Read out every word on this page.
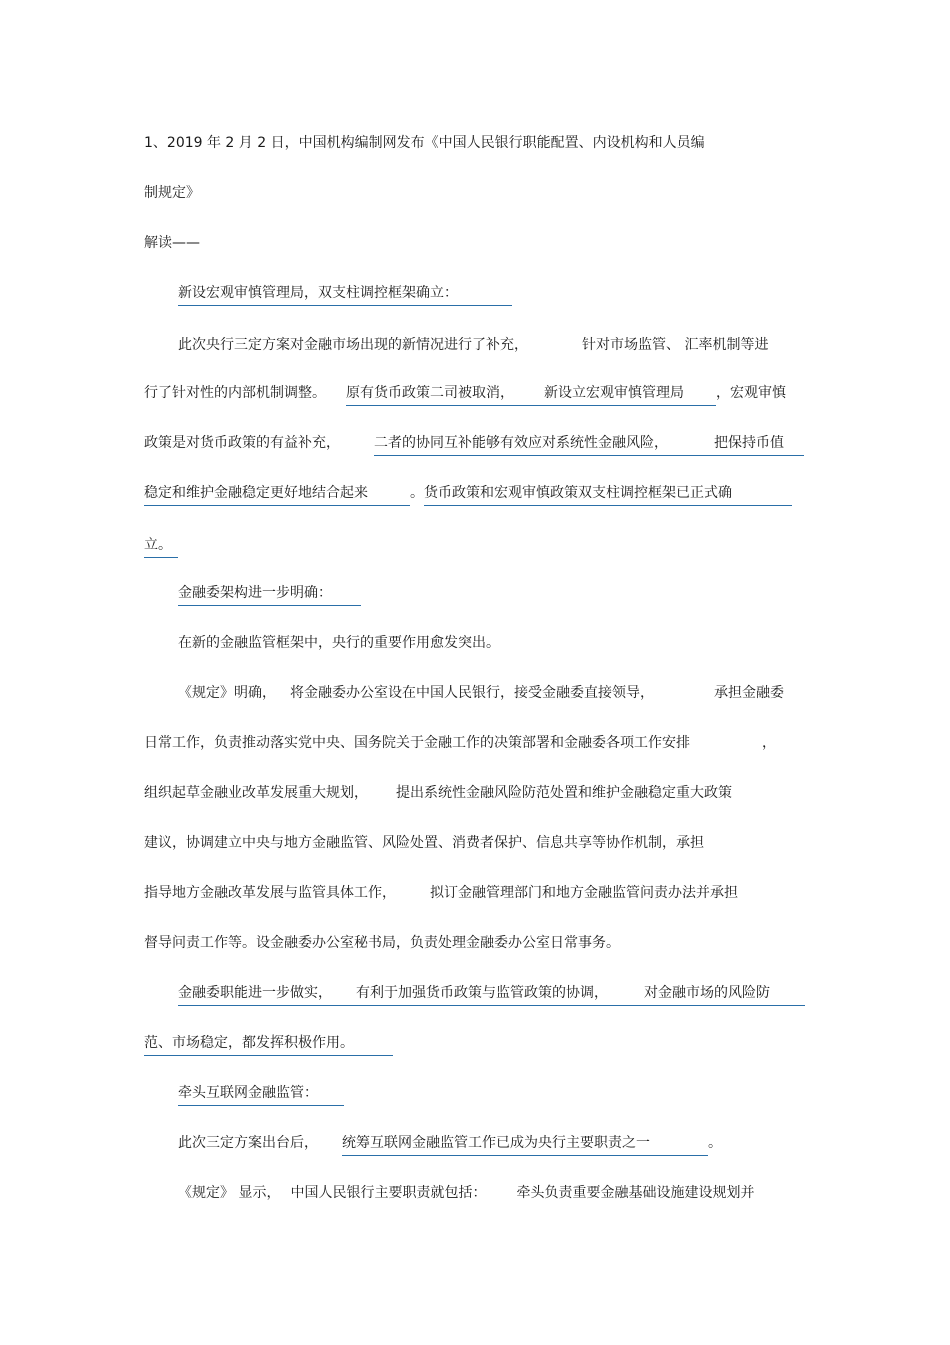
1、2019 年 2 月 2 日，中国机构编制网发布《中国人民银行职能配置、内设机构和人员编
制规定》
解读——
新设宏观审慎管理局，双支柱调控框架确立：
此次央行三定方案对金融市场出现的新情况进行了补充，	针对市场监管、 汇率机制等进
行了针对性的内部机制调整。 原有货币政策二司被取消， 新设立宏观审慎管理局 ，宏观审慎
政策是对货币政策的有益补充， 二者的协同互补能够有效应对系统性金融风险，	把保持币值
稳定和维护金融稳定更好地结合起来	。货币政策和宏观审慎政策双支柱调控框架已正式确
立。
金融委架构进一步明确：
在新的金融监管框架中，央行的重要作用愈发突出。
《规定》明确， 将金融委办公室设在中国人民银行，接受金融委直接领导，	承担金融委
日常工作，负责推动落实党中央、国务院关于金融工作的决策部署和金融委各项工作安排	，
组织起草金融业改革发展重大规划， 提出系统性金融风险防范处置和维护金融稳定重大政策
建议，协调建立中央与地方金融监管、风险处置、消费者保护、信息共享等协作机制，承担
指导地方金融改革发展与监管具体工作， 拟订金融管理部门和地方金融监管问责办法并承担
督导问责工作等。设金融委办公室秘书局，负责处理金融委办公室日常事务。
金融委职能进一步做实， 有利于加强货币政策与监管政策的协调，	对金融市场的风险防
范、市场稳定，都发挥积极作用。
牵头互联网金融监管：
此次三定方案出台后， 统筹互联网金融监管工作已成为央行主要职责之一	。
《规定》 显示， 中国人民银行主要职责就包括： 牵头负责重要金融基础设施建设规划并
